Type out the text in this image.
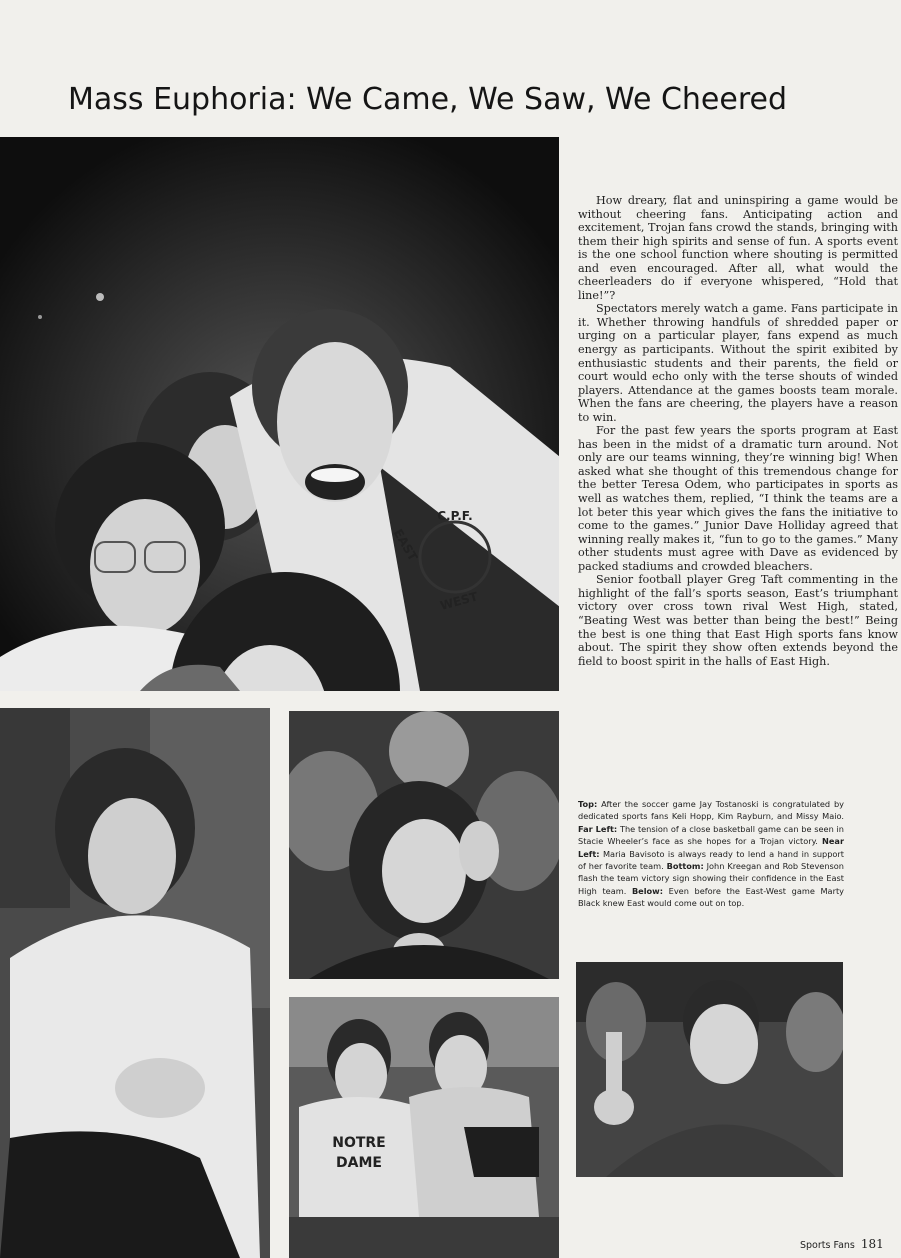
Mass Euphoria: We Came, We Saw, We Cheered
C.P.F.
EAST
WEST
NOTRE
DAME

How dreary, flat and uninspiring a game would be without cheering fans. Anticipating action and excitement, Trojan fans crowd the stands, bringing with them their high spirits and sense of fun. A sports event is the one school function where shouting is permitted and even encouraged. After all, what would the cheerleaders do if everyone whispered, “Hold that line!”?

Spectators merely watch a game. Fans participate in it. Whether throwing handfuls of shredded paper or urging on a particular player, fans expend as much energy as participants. Without the spirit exibited by enthusiastic students and their parents, the field or court would echo only with the terse shouts of winded players. Attendance at the games boosts team morale. When the fans are cheering, the players have a reason to win.

For the past few years the sports program at East has been in the midst of a dramatic turn around. Not only are our teams winning, they’re winning big! When asked what she thought of this tremendous change for the better Teresa Odem, who participates in sports as well as watches them, replied, “I think the teams are a lot beter this year which gives the fans the initiative to come to the games.” Junior Dave Holliday agreed that winning really makes it, “fun to go to the games.” Many other students must agree with Dave as evidenced by packed stadiums and crowded bleachers.

Senior football player Greg Taft commenting in the highlight of the fall’s sports season, East’s triumphant victory over cross town rival West High, stated, “Beating West was better than being the best!” Being the best is one thing that East High sports fans know about. The spirit they show often extends beyond the field to boost spirit in the halls of East High.

Top: After the soccer game Jay Tostanoski is congratulated by dedicated sports fans Keli Hopp, Kim Rayburn, and Missy Maio. Far Left: The tension of a close basketball game can be seen in Stacie Wheeler’s face as she hopes for a Trojan victory. Near Left: Maria Bavisoto is always ready to lend a hand in support of her favorite team. Bottom: John Kreegan and Rob Stevenson flash the team victory sign showing their confidence in the East High team. Below: Even before the East-West game Marty Black knew East would come out on top.
Sports Fans 181
